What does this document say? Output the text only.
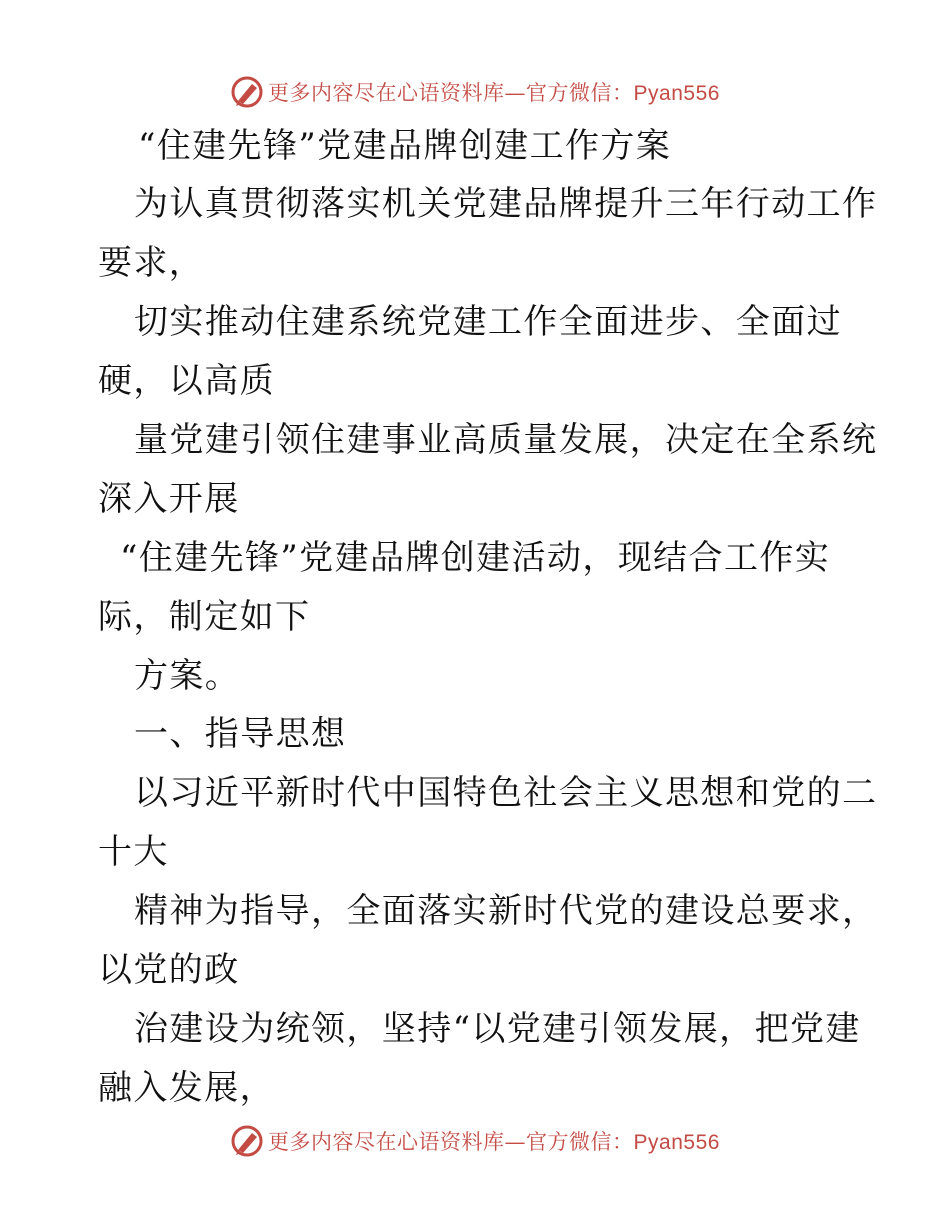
更多内容尽在心语资料库—官方微信：Pyan556
“住建先锋”党建品牌创建工作方案
为认真贯彻落实机关党建品牌提升三年行动工作
要求，
切实推动住建系统党建工作全面进步、全面过
硬，以高质
量党建引领住建事业高质量发展，决定在全系统
深入开展
“住建先锋”党建品牌创建活动，现结合工作实
际，制定如下
方案。
一、指导思想
以习近平新时代中国特色社会主义思想和党的二
十大
精神为指导，全面落实新时代党的建设总要求，
以党的政
治建设为统领，坚持“以党建引领发展，把党建
融入发展，
更多内容尽在心语资料库—官方微信：Pyan556
